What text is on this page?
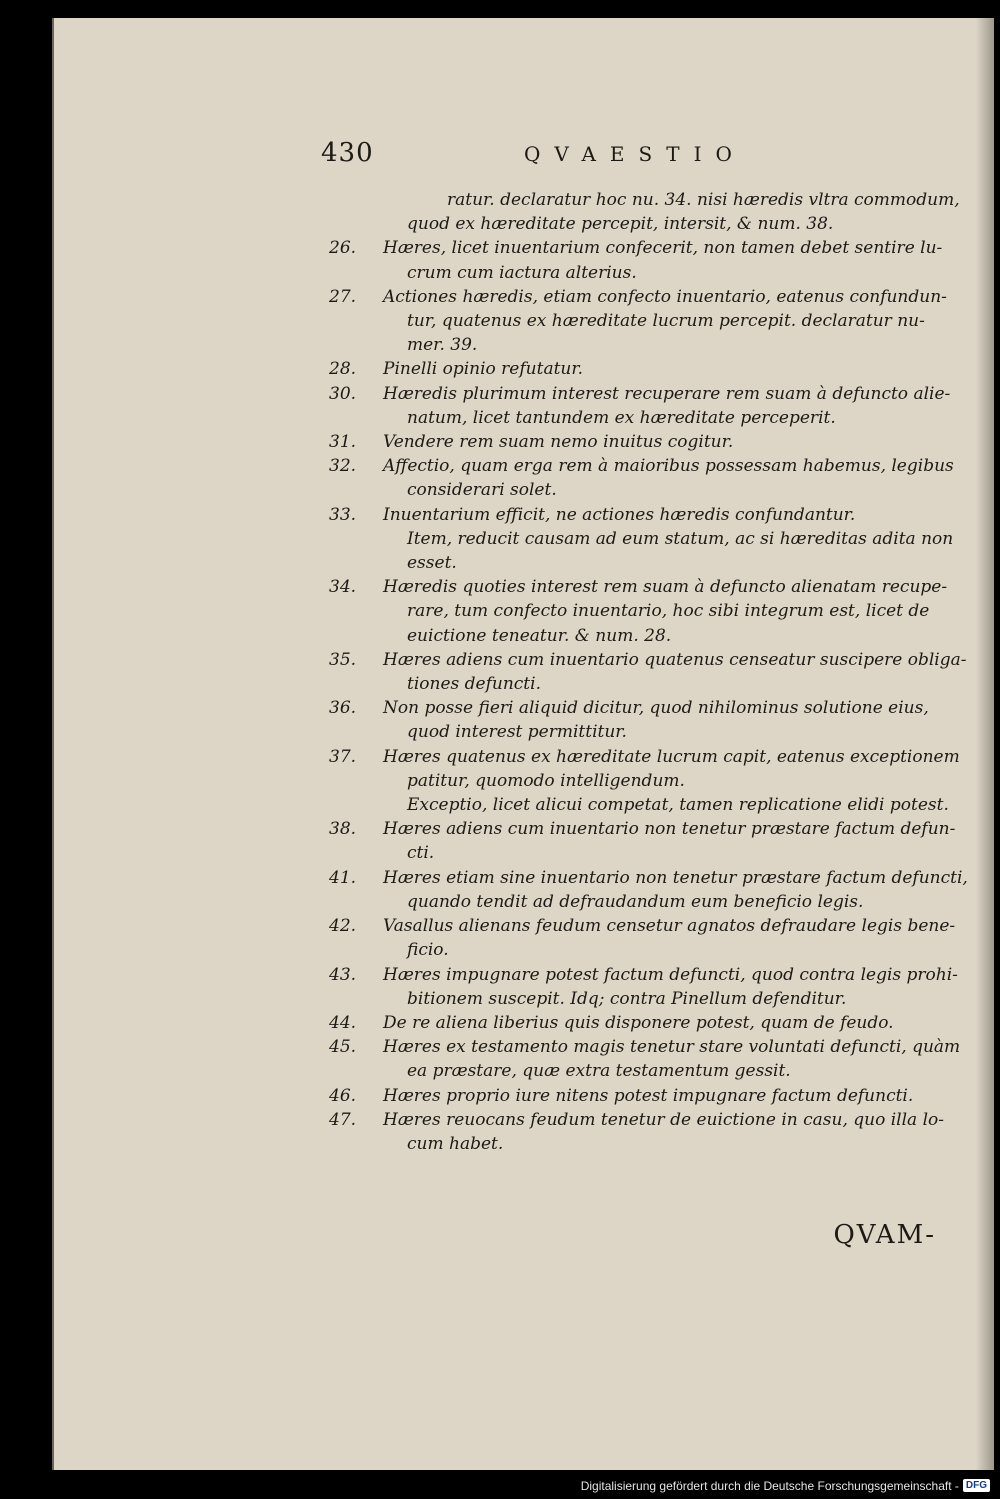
430	QVAESTIO
ratur. declaratur hoc nu. 34. nisi hæredis vltra commodum,
quod ex hæreditate percepit, intersit, & num. 38.
26.	Hæres, licet inuentarium confecerit, non tamen debet sentire lu-
crum cum iactura alterius.
27.	Actiones hæredis, etiam confecto inuentario, eatenus confundun-
tur, quatenus ex hæreditate lucrum percepit. declaratur nu-
mer. 39.
28.	Pinelli opinio refutatur.
30.	Hæredis plurimum interest recuperare rem suam à defuncto alie-
natum, licet tantundem ex hæreditate perceperit.
31.	Vendere rem suam nemo inuitus cogitur.
32.	Affectio, quam erga rem à maioribus possessam habemus, legibus
considerari solet.
33.	Inuentarium efficit, ne actiones hæredis confundantur.
Item, reducit causam ad eum statum, ac si hæreditas adita non
esset.
34.	Hæredis quoties interest rem suam à defuncto alienatam recupe-
rare, tum confecto inuentario, hoc sibi integrum est, licet de
euictione teneatur. & num. 28.
35.	Hæres adiens cum inuentario quatenus censeatur suscipere obliga-
tiones defuncti.
36.	Non posse fieri aliquid dicitur, quod nihilominus solutione eius,
quod interest permittitur.
37.	Hæres quatenus ex hæreditate lucrum capit, eatenus exceptionem
patitur, quomodo intelligendum.
Exceptio, licet alicui competat, tamen replicatione elidi potest.
38.	Hæres adiens cum inuentario non tenetur præstare factum defun-
cti.
41.	Hæres etiam sine inuentario non tenetur præstare factum defuncti,
quando tendit ad defraudandum eum beneficio legis.
42.	Vasallus alienans feudum censetur agnatos defraudare legis bene-
ficio.
43.	Hæres impugnare potest factum defuncti, quod contra legis prohi-
bitionem suscepit. Idq; contra Pinellum defenditur.
44.	De re aliena liberius quis disponere potest, quam de feudo.
45.	Hæres ex testamento magis tenetur stare voluntati defuncti, quàm
ea præstare, quæ extra testamentum gessit.
46.	Hæres proprio iure nitens potest impugnare factum defuncti.
47.	Hæres reuocans feudum tenetur de euictione in casu, quo illa lo-
cum habet.
QVAM-
Digitalisierung gefördert durch die Deutsche Forschungsgemeinschaft - DFG
